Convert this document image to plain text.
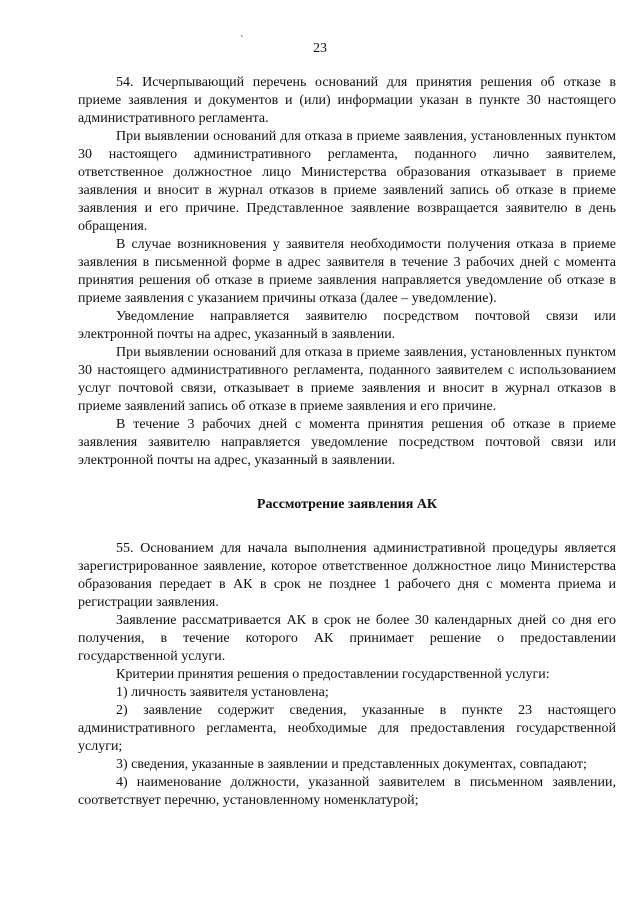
`
23

54. Исчерпывающий перечень оснований для принятия решения об отказе в приеме заявления и документов и (или) информации указан в пункте 30 настоящего административного регламента.

При выявлении оснований для отказа в приеме заявления, установленных пунктом 30 настоящего административного регламента, поданного лично заявителем, ответственное должностное лицо Министерства образования отказывает в приеме заявления и вносит в журнал отказов в приеме заявлений запись об отказе в приеме заявления и его причине. Представленное заявление возвращается заявителю в день обращения.

В случае возникновения у заявителя необходимости получения отказа в приеме заявления в письменной форме в адрес заявителя в течение 3 рабочих дней с момента принятия решения об отказе в приеме заявления направляется уведомление об отказе в приеме заявления с указанием причины отказа (далее – уведомление).

Уведомление направляется заявителю посредством почтовой связи или электронной почты на адрес, указанный в заявлении.

При выявлении оснований для отказа в приеме заявления, установленных пунктом 30 настоящего административного регламента, поданного заявителем с использованием услуг почтовой связи, отказывает в приеме заявления и вносит в журнал отказов в приеме заявлений запись об отказе в приеме заявления и его причине.

В течение 3 рабочих дней с момента принятия решения об отказе в приеме заявления заявителю направляется уведомление посредством почтовой связи или электронной почты на адрес, указанный в заявлении.

Рассмотрение заявления АК

55. Основанием для начала выполнения административной процедуры является зарегистрированное заявление, которое ответственное должностное лицо Министерства образования передает в АК в срок не позднее 1 рабочего дня с момента приема и регистрации заявления.

Заявление рассматривается АК в срок не более 30 календарных дней со дня его получения, в течение которого АК принимает решение о предоставлении государственной услуги.

Критерии принятия решения о предоставлении государственной услуги:

1) личность заявителя установлена;

2) заявление содержит сведения, указанные в пункте 23 настоящего административного регламента, необходимые для предоставления государственной услуги;

3) сведения, указанные в заявлении и представленных документах, совпадают;

4) наименование должности, указанной заявителем в письменном заявлении, соответствует перечню, установленному номенклатурой;
